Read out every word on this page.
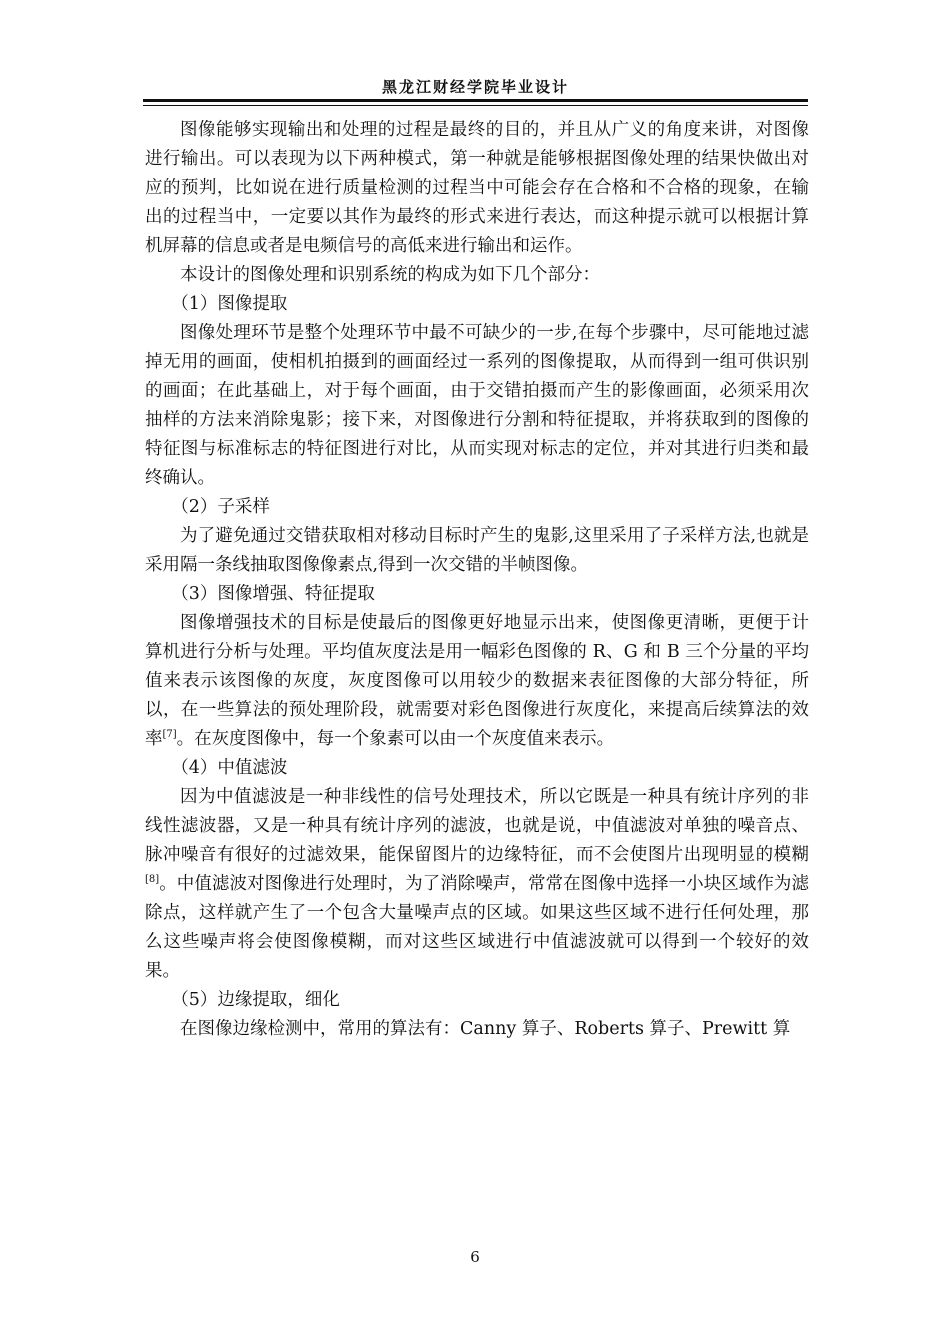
黑龙江财经学院毕业设计

图像能够实现输出和处理的过程是最终的目的，并且从广义的角度来讲，对图像进行输出。可以表现为以下两种模式，第一种就是能够根据图像处理的结果快做出对应的预判，比如说在进行质量检测的过程当中可能会存在合格和不合格的现象，在输出的过程当中，一定要以其作为最终的形式来进行表达，而这种提示就可以根据计算机屏幕的信息或者是电频信号的高低来进行输出和运作。

本设计的图像处理和识别系统的构成为如下几个部分：

（1）图像提取

图像处理环节是整个处理环节中最不可缺少的一步,在每个步骤中，尽可能地过滤掉无用的画面，使相机拍摄到的画面经过一系列的图像提取，从而得到一组可供识别的画面；在此基础上，对于每个画面，由于交错拍摄而产生的影像画面，必须采用次抽样的方法来消除鬼影；接下来，对图像进行分割和特征提取，并将获取到的图像的特征图与标准标志的特征图进行对比，从而实现对标志的定位，并对其进行归类和最终确认。

（2）子采样

为了避免通过交错获取相对移动目标时产生的鬼影,这里采用了子采样方法,也就是采用隔一条线抽取图像像素点,得到一次交错的半帧图像。

（3）图像增强、特征提取

图像增强技术的目标是使最后的图像更好地显示出来，使图像更清晰，更便于计算机进行分析与处理。平均值灰度法是用一幅彩色图像的 R、G 和 B 三个分量的平均值来表示该图像的灰度，灰度图像可以用较少的数据来表征图像的大部分特征，所以，在一些算法的预处理阶段，就需要对彩色图像进行灰度化，来提高后续算法的效率[7]。在灰度图像中，每一个象素可以由一个灰度值来表示。

（4）中值滤波

因为中值滤波是一种非线性的信号处理技术，所以它既是一种具有统计序列的非线性滤波器，又是一种具有统计序列的滤波，也就是说，中值滤波对单独的噪音点、脉冲噪音有很好的过滤效果，能保留图片的边缘特征，而不会使图片出现明显的模糊[8]。中值滤波对图像进行处理时，为了消除噪声，常常在图像中选择一小块区域作为滤除点，这样就产生了一个包含大量噪声点的区域。如果这些区域不进行任何处理，那么这些噪声将会使图像模糊，而对这些区域进行中值滤波就可以得到一个较好的效果。

（5）边缘提取，细化

在图像边缘检测中，常用的算法有：Canny 算子、Roberts 算子、Prewitt 算

6
